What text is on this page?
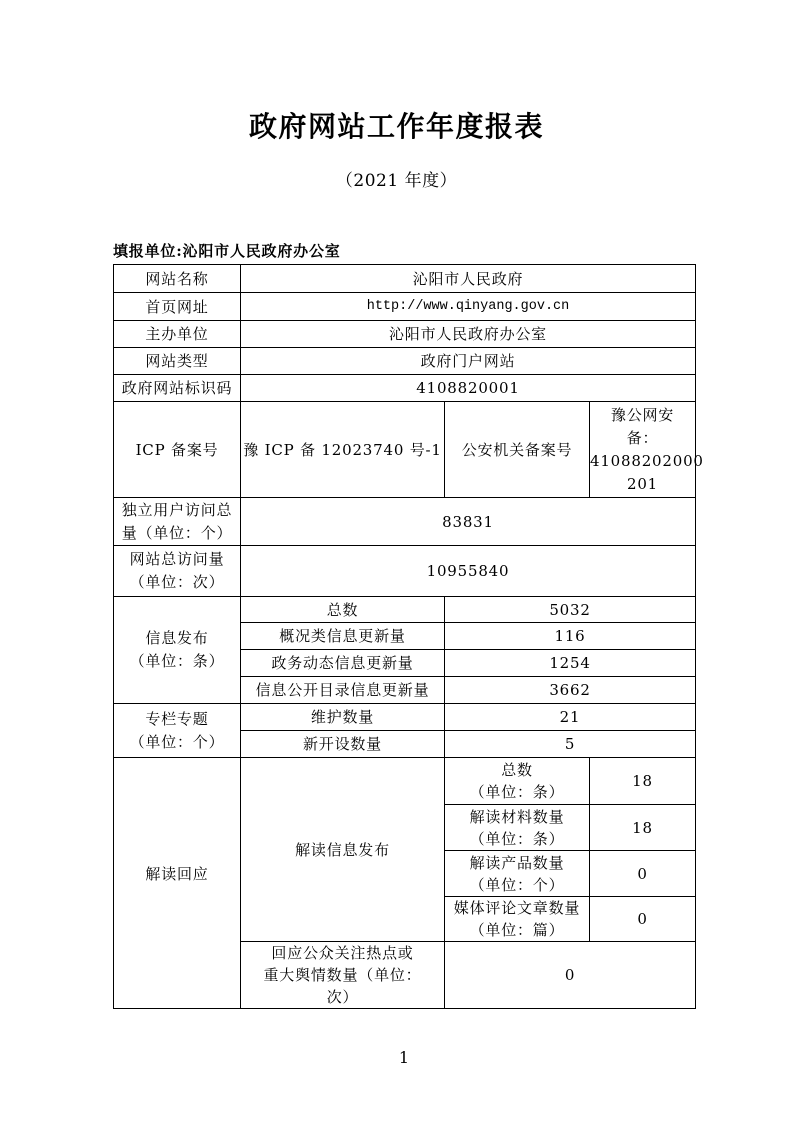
政府网站工作年度报表
（2021 年度）
填报单位:沁阳市人民政府办公室
网站名称	沁阳市人民政府		
首页网址	http://www.qinyang.gov.cn		
主办单位	沁阳市人民政府办公室		
网站类型	政府门户网站		
政府网站标识码	4108820001		
ICP 备案号	豫 ICP 备 12023740 号-1	公安机关备案号	豫公网安
备：
41088202000
201

独立用户访问总
量（单位：个）	83831		

网站总访问量
（单位：次）	10955840		

信息发布
（单位：条）	总数	5032	
	概况类信息更新量	116	
	政务动态信息更新量	1254	
	信息公开目录信息更新量	3662	

专栏专题
（单位：个）	维护数量	21	
	新开设数量	5	
解读回应	解读信息发布	总数
（单位：条）	18

		解读材料数量
（单位：条）	18

		解读产品数量
（单位：个）	0

		媒体评论文章数量
（单位：篇）	0

	回应公众关注热点或
重大舆情数量（单位：
次）	0	
1
